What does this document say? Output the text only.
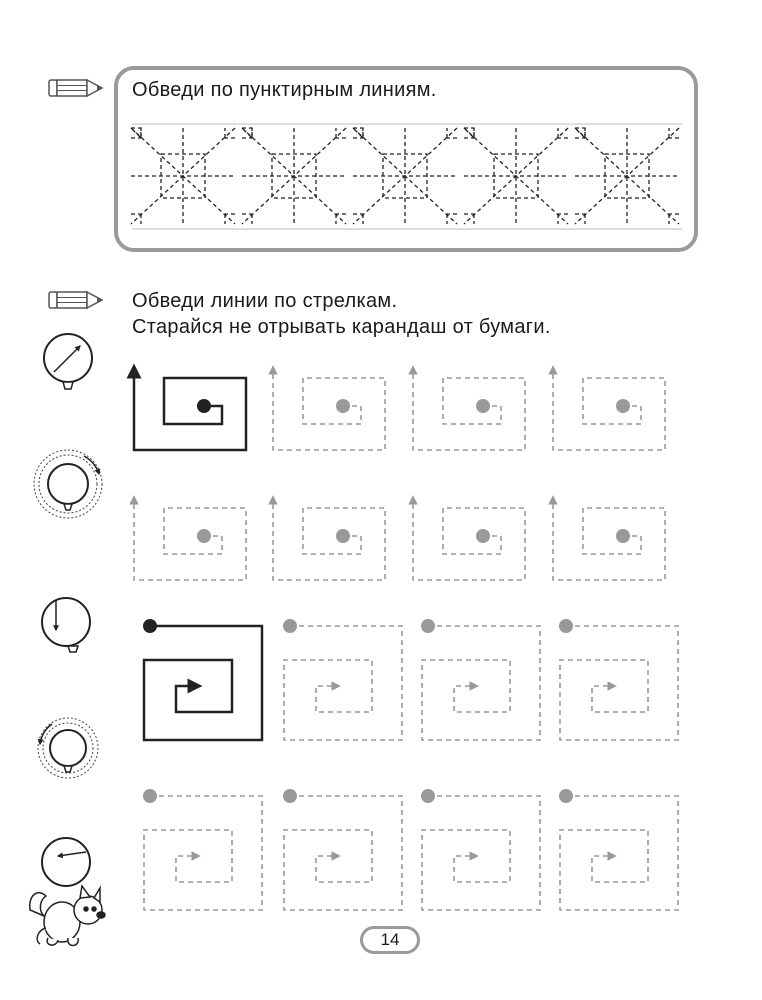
Обведи по пунктирным линиям.
Обведи линии по стрелкам.
Старайся не отрывать карандаш от бумаги.
14
